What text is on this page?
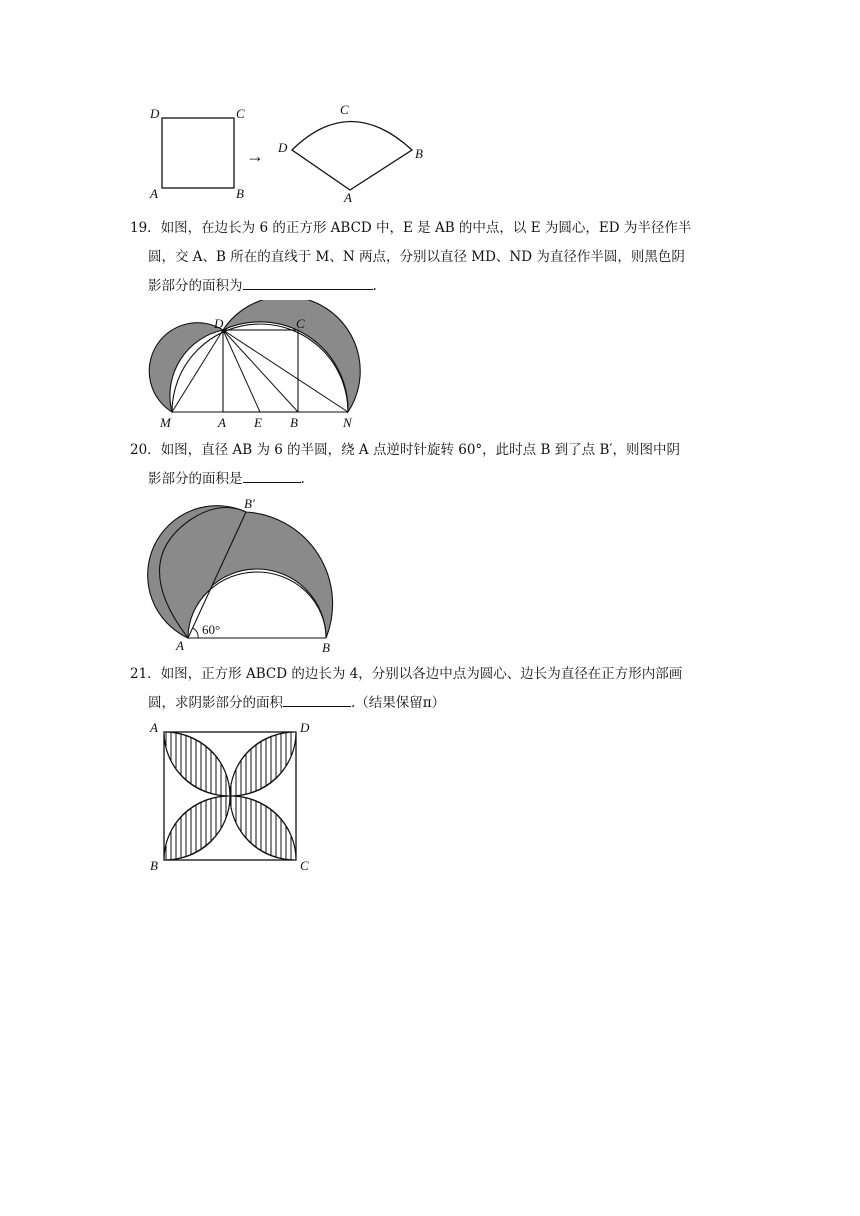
D	C
A	B
→
C
D	B
A

19．如图，在边长为 6 的正方形 ABCD 中，E 是 AB 的中点，以 E 为圆心，ED 为半径作半

圆，交 A、B 所在的直线于 M、N 两点，分别以直径 MD、ND 为直径作半圆，则黑色阴

影部分的面积为	.

D	C
M	A E B	N

20．如图，直径 AB 为 6 的半圆，绕 A 点逆时针旋转 60°，此时点 B 到了点 B′，则图中阴

影部分的面积是	.

B′
60°
A	B

21．如图，正方形 ABCD 的边长为 4，分别以各边中点为圆心、边长为直径在正方形内部画

圆，求阴影部分的面积	.（结果保留π）

A	D
B	C
